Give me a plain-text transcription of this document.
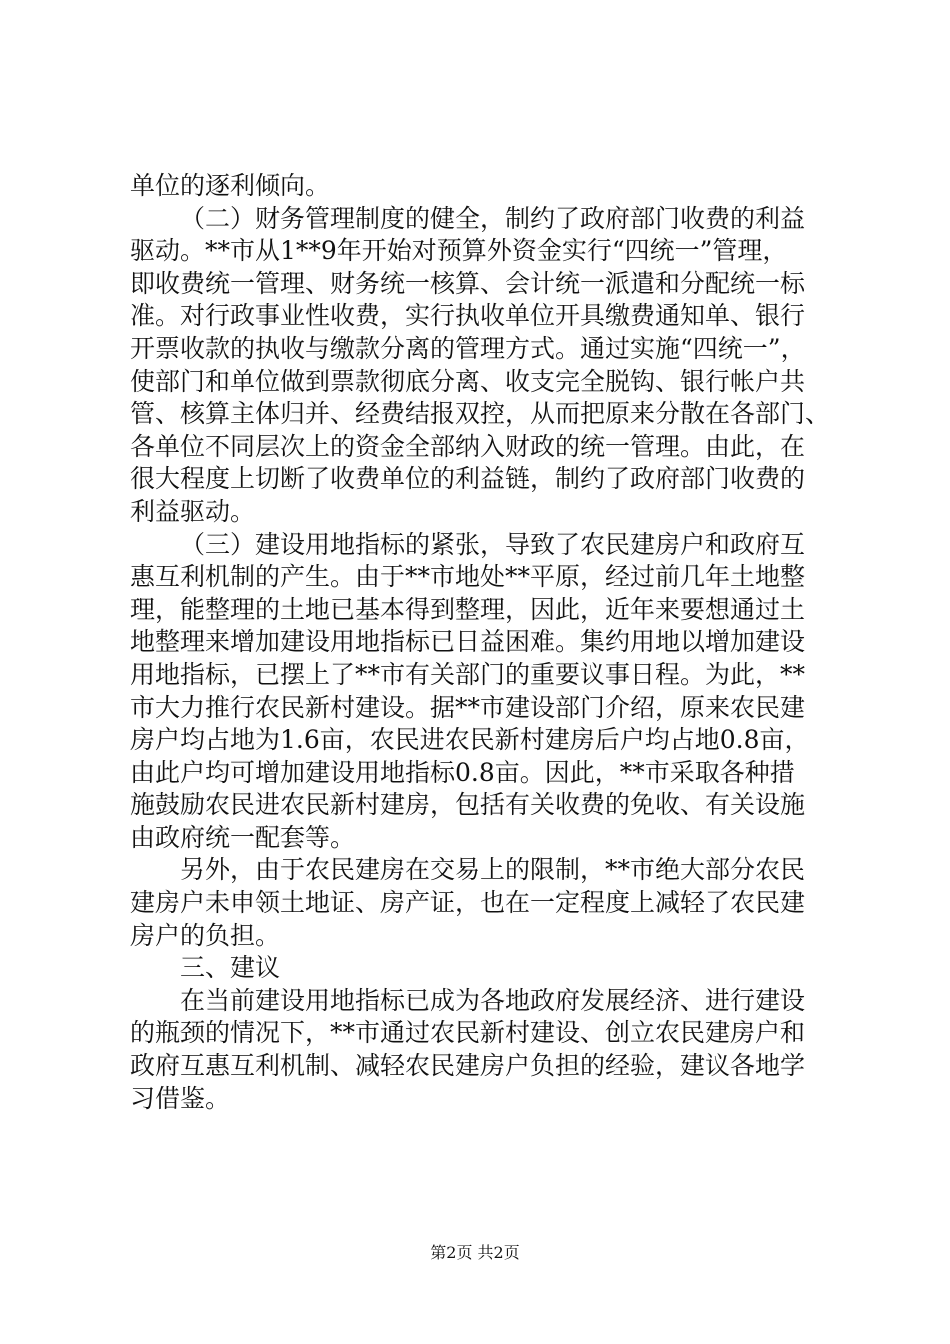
单位的逐利倾向。
（二）财务管理制度的健全，制约了政府部门收费的利益
驱动。**市从1**9年开始对预算外资金实行“四统一”管理，
即收费统一管理、财务统一核算、会计统一派遣和分配统一标
准。对行政事业性收费，实行执收单位开具缴费通知单、银行
开票收款的执收与缴款分离的管理方式。通过实施“四统一”，
使部门和单位做到票款彻底分离、收支完全脱钩、银行帐户共
管、核算主体归并、经费结报双控，从而把原来分散在各部门、
各单位不同层次上的资金全部纳入财政的统一管理。由此，在
很大程度上切断了收费单位的利益链，制约了政府部门收费的
利益驱动。
（三）建设用地指标的紧张，导致了农民建房户和政府互
惠互利机制的产生。由于**市地处**平原，经过前几年土地整
理，能整理的土地已基本得到整理，因此，近年来要想通过土
地整理来增加建设用地指标已日益困难。集约用地以增加建设
用地指标，已摆上了**市有关部门的重要议事日程。为此，**
市大力推行农民新村建设。据**市建设部门介绍，原来农民建
房户均占地为1.6亩，农民进农民新村建房后户均占地0.8亩，
由此户均可增加建设用地指标0.8亩。因此，**市采取各种措
施鼓励农民进农民新村建房，包括有关收费的免收、有关设施
由政府统一配套等。
另外，由于农民建房在交易上的限制，**市绝大部分农民
建房户未申领土地证、房产证，也在一定程度上减轻了农民建
房户的负担。
三、建议
在当前建设用地指标已成为各地政府发展经济、进行建设
的瓶颈的情况下，**市通过农民新村建设、创立农民建房户和
政府互惠互利机制、减轻农民建房户负担的经验，建议各地学
习借鉴。
第2页 共2页
